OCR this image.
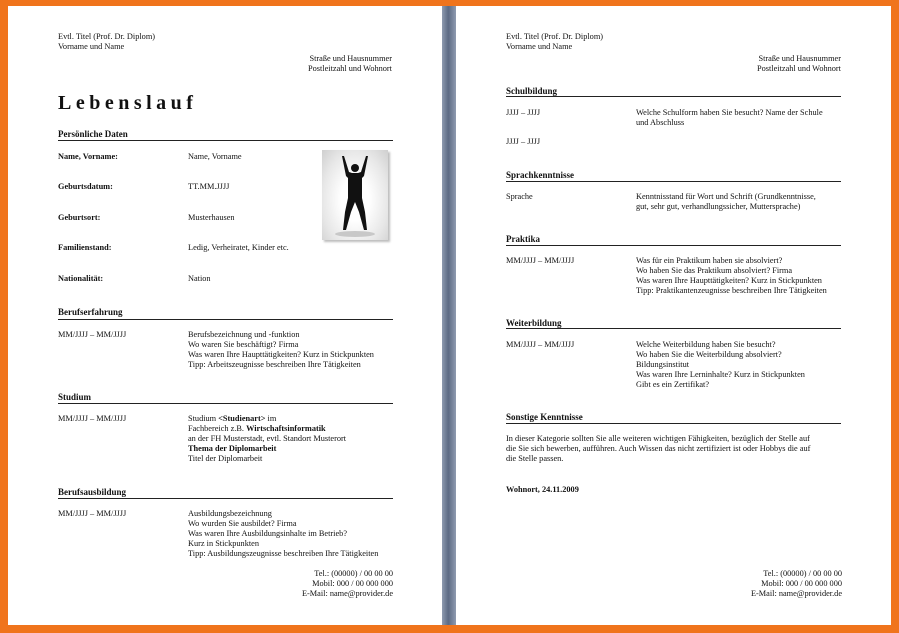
Evtl. Titel (Prof. Dr. Diplom)
Vorname und Name
Straße und Hausnummer
Postleitzahl und Wohnort
Lebenslauf
Persönliche Daten
Name, Vorname:	Name, Vorname
Geburtsdatum:	TT.MM.JJJJ
Geburtsort:	Musterhausen
Familienstand:	Ledig, Verheiratet, Kinder etc.
Nationalität:	Nation
Berufserfahrung
MM/JJJJ – MM/JJJJ	Berufsbezeichnung und -funktion
Wo waren Sie beschäftigt? Firma
Was waren Ihre Haupttätigkeiten? Kurz in Stickpunkten
Tipp: Arbeitszeugnisse beschreiben Ihre Tätigkeiten
Studium
MM/JJJJ – MM/JJJJ	Studium <Studienart> im
Fachbereich z.B. Wirtschaftsinformatik
an der FH Musterstadt, evtl. Standort Musterort
Thema der Diplomarbeit
Titel der Diplomarbeit
Berufsausbildung
MM/JJJJ – MM/JJJJ	Ausbildungsbezeichnung
Wo wurden Sie ausbildet? Firma
Was waren Ihre Ausbildungsinhalte im Betrieb?
Kurz in Stickpunkten
Tipp: Ausbildungszeugnisse beschreiben Ihre Tätigkeiten
Tel.: (00000) / 00 00 00
Mobil: 000 / 00 000 000
E-Mail: name@provider.de
Evtl. Titel (Prof. Dr. Diplom)
Vorname und Name
Straße und Hausnummer
Postleitzahl und Wohnort
Schulbildung
JJJJ – JJJJ	Welche Schulform haben Sie besucht? Name der Schule
und Abschluss
JJJJ – JJJJ
Sprachkenntnisse
Sprache	Kenntnisstand für Wort und Schrift (Grundkenntnisse,
gut, sehr gut, verhandlungssicher, Muttersprache)
Praktika
MM/JJJJ – MM/JJJJ	Was für ein Praktikum haben sie absolviert?
Wo haben Sie das Praktikum absolviert? Firma
Was waren Ihre Haupttätigkeiten? Kurz in Stickpunkten
Tipp: Praktikantenzeugnisse beschreiben Ihre Tätigkeiten
Weiterbildung
MM/JJJJ – MM/JJJJ	Welche Weiterbildung haben Sie besucht?
Wo haben Sie die Weiterbildung absolviert?
Bildungsinstitut
Was waren Ihre Lerninhalte? Kurz in Stickpunkten
Gibt es ein Zertifikat?
Sonstige Kenntnisse
In dieser Kategorie sollten Sie alle weiteren wichtigen Fähigkeiten, bezüglich der Stelle auf
die Sie sich bewerben, aufführen. Auch Wissen das nicht zertifiziert ist oder Hobbys die auf
die Stelle passen.
Wohnort, 24.11.2009
Tel.: (00000) / 00 00 00
Mobil: 000 / 00 000 000
E-Mail: name@provider.de
